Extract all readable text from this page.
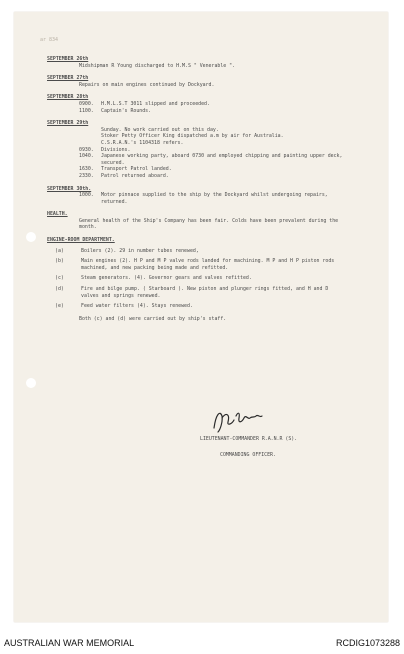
ar 834
SEPTEMBER 26th
Midshipman R Young discharged to H.M.S " Venerable ".
SEPTEMBER 27th
Repairs on main engines continued by Dockyard.
SEPTEMBER 28th
0900.	H.M.L.S.T 3011 slipped and proceeded.
1100.	Captain's Rounds.
SEPTEMBER 29th
Sunday. No work carried out on this day.
Stoker Petty Officer King dispatched a.m by air for Australia.
C.S.R.A.N.'s 1104318 refers.
0930.	Divisions.
1040.	Japanese working party, aboard 0730 and employed chipping and painting upper deck, secured.
1630.	Transport Patrol landed.
2330.	Patrol returned aboard.
SEPTEMBER 30th.
1000.	Motor pinnace supplied to the ship by the Dockyard whilst undergoing repairs, returned.
HEALTH.
General health of the Ship's Company has been fair. Colds have been prevalent during the month.
ENGINE-ROOM DEPARTMENT.
(a)	Boilers (2). 29 in number tubes renewed,
(b)	Main engines (2). H P and M P valve rods landed for machining. M P and H P piston rods machined, and new packing being made and refitted.
(c)	Steam generators. (4). Governor gears and valves refitted.
(d)	Fire and bilge pump. ( Starboard ). New piston and plunger rings fitted, and H and D valves and springs renewed.
(e)	Feed water filters (4). Stays renewed.
Both (c) and (d) were carried out by ship's staff.
LIEUTENANT-COMMANDER R.A.N.R (S).
COMMANDING OFFICER.
AUSTRALIAN WAR MEMORIAL	RCDIG1073288
